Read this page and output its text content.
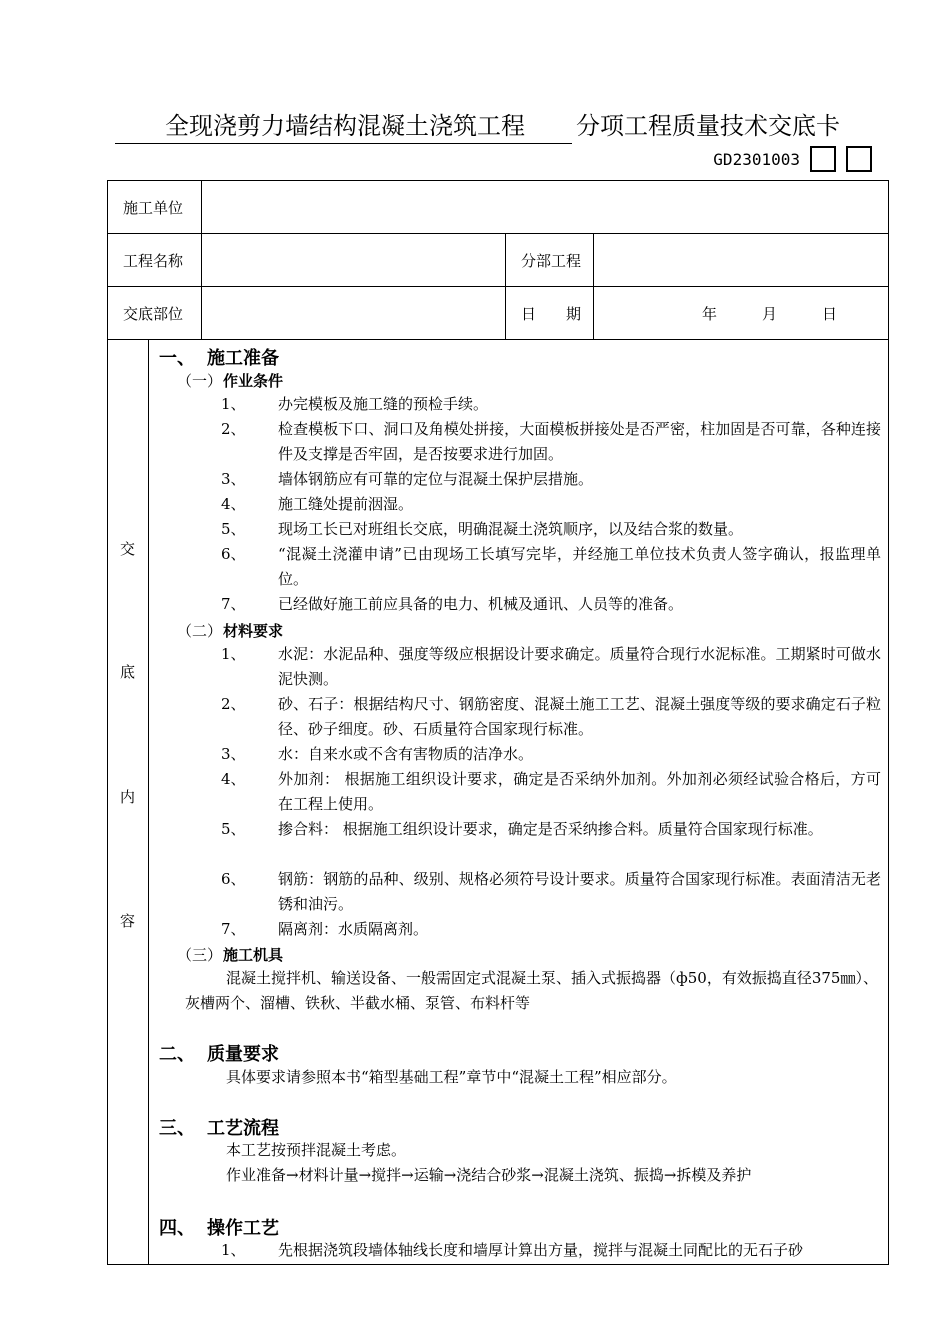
全现浇剪力墙结构混凝土浇筑工程 分项工程质量技术交底卡
GD2301003
施工单位			
工程名称		分部工程	
交底部位		日　　期	年　　　月　　　日
交
底
内
容
一、 施工准备
（一）作业条件
1、	办完模板及施工缝的预检手续。
2、	检查模板下口、洞口及角模处拼接，大面模板拼接处是否严密，柱加固是否可靠，各种连接件及支撑是否牢固，是否按要求进行加固。
3、	墙体钢筋应有可靠的定位与混凝土保护层措施。
4、	施工缝处提前洇湿。
5、	现场工长已对班组长交底，明确混凝土浇筑顺序，以及结合浆的数量。
6、	“混凝土浇灌申请”已由现场工长填写完毕，并经施工单位技术负责人签字确认，报监理单位。
7、	已经做好施工前应具备的电力、机械及通讯、人员等的准备。
（二）材料要求
1、	水泥：水泥品种、强度等级应根据设计要求确定。质量符合现行水泥标准。工期紧时可做水泥快测。
2、	砂、石子：根据结构尺寸、钢筋密度、混凝土施工工艺、混凝土强度等级的要求确定石子粒径、砂子细度。砂、石质量符合国家现行标准。
3、	水：自来水或不含有害物质的洁净水。
4、	外加剂： 根据施工组织设计要求，确定是否采纳外加剂。外加剂必须经试验合格后，方可在工程上使用。
5、	掺合料： 根据施工组织设计要求，确定是否采纳掺合料。质量符合国家现行标准。
6、	钢筋：钢筋的品种、级别、规格必须符号设计要求。质量符合国家现行标准。表面清洁无老锈和油污。
7、	隔离剂：水质隔离剂。
（三）施工机具
混凝土搅拌机、输送设备、一般需固定式混凝土泵、插入式振捣器（ф50，有效振捣直径375㎜）、灰槽两个、溜槽、铁秋、半截水桶、泵管、布料杆等
二、 质量要求
具体要求请参照本书“箱型基础工程”章节中“混凝土工程”相应部分。
三、 工艺流程
本工艺按预拌混凝土考虑。
作业准备→材料计量→搅拌→运输→浇结合砂浆→混凝土浇筑、振捣→拆模及养护
四、 操作工艺
1、	先根据浇筑段墙体轴线长度和墙厚计算出方量，搅拌与混凝土同配比的无石子砂
